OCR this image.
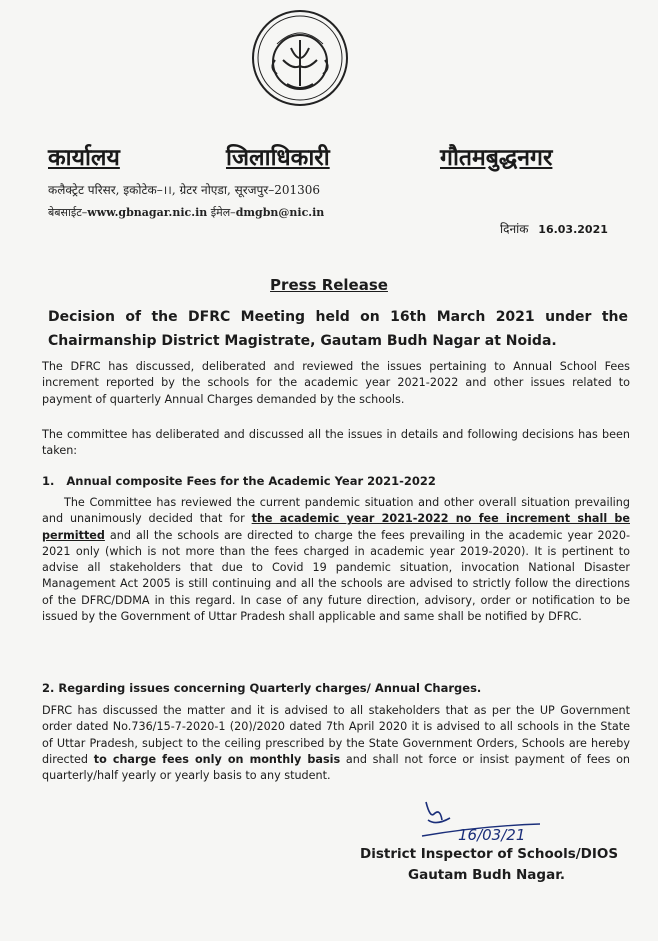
कार्यालय	जिलाधिकारी	गौतमबुद्धनगर
कलैक्ट्रेट परिसर, इकोटेक–।।, ग्रेटर नोएडा, सूरजपुर–201306
बेबसाईट–www.gbnagar.nic.in ईमेल–dmgbn@nic.in
दिनांक 16.03.2021
Press Release
Decision of the DFRC Meeting held on 16th March 2021 under the Chairmanship District Magistrate, Gautam Budh Nagar at Noida.
The DFRC has discussed, deliberated and reviewed the issues pertaining to Annual School Fees increment reported by the schools for the academic year 2021-2022 and other issues related to payment of quarterly Annual Charges demanded by the schools.
The committee has deliberated and discussed all the issues in details and following decisions has been taken:
1. Annual composite Fees for the Academic Year 2021-2022
The Committee has reviewed the current pandemic situation and other overall situation prevailing and unanimously decided that for the academic year 2021-2022 no fee increment shall be permitted and all the schools are directed to charge the fees prevailing in the academic year 2020-2021 only (which is not more than the fees charged in academic year 2019-2020). It is pertinent to advise all stakeholders that due to Covid 19 pandemic situation, invocation National Disaster Management Act 2005 is still continuing and all the schools are advised to strictly follow the directions of the DFRC/DDMA in this regard. In case of any future direction, advisory, order or notification to be issued by the Government of Uttar Pradesh shall applicable and same shall be notified by DFRC.
2. Regarding issues concerning Quarterly charges/ Annual Charges.
DFRC has discussed the matter and it is advised to all stakeholders that as per the UP Government order dated No.736/15-7-2020-1 (20)/2020 dated 7th April 2020 it is advised to all schools in the State of Uttar Pradesh, subject to the ceiling prescribed by the State Government Orders, Schools are hereby directed to charge fees only on monthly basis and shall not force or insist payment of fees on quarterly/half yearly or yearly basis to any student.
16/03/21
District Inspector of Schools/DIOS
Gautam Budh Nagar.
